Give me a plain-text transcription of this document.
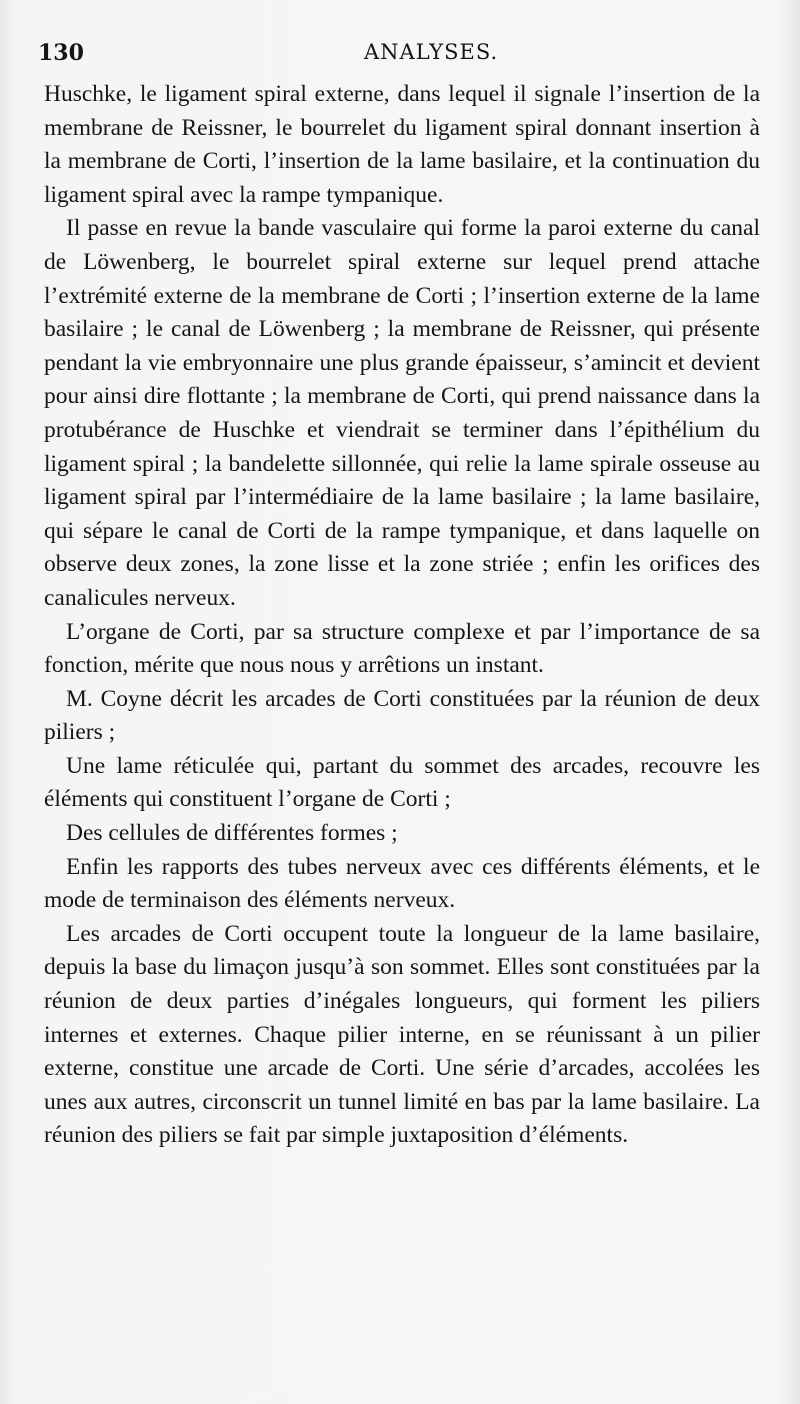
130	ANALYSES.

Huschke, le ligament spiral externe, dans lequel il signale l’insertion de la membrane de Reissner, le bourrelet du ligament spiral donnant insertion à la membrane de Corti, l’insertion de la lame basilaire, et la continuation du ligament spiral avec la rampe tympanique.

Il passe en revue la bande vasculaire qui forme la paroi externe du canal de Löwenberg, le bourrelet spiral externe sur lequel prend attache l’extrémité externe de la membrane de Corti ; l’insertion externe de la lame basilaire ; le canal de Löwenberg ; la membrane de Reissner, qui présente pendant la vie embryonnaire une plus grande épaisseur, s’amincit et devient pour ainsi dire flottante ; la membrane de Corti, qui prend naissance dans la protubérance de Huschke et viendrait se terminer dans l’épithélium du ligament spiral ; la bandelette sillonnée, qui relie la lame spirale osseuse au ligament spiral par l’intermédiaire de la lame basilaire ; la lame basilaire, qui sépare le canal de Corti de la rampe tympanique, et dans laquelle on observe deux zones, la zone lisse et la zone striée ; enfin les orifices des canalicules nerveux.

L’organe de Corti, par sa structure complexe et par l’importance de sa fonction, mérite que nous nous y arrêtions un instant.

M. Coyne décrit les arcades de Corti constituées par la réunion de deux piliers ;

Une lame réticulée qui, partant du sommet des arcades, recouvre les éléments qui constituent l’organe de Corti ;

Des cellules de différentes formes ;

Enfin les rapports des tubes nerveux avec ces différents éléments, et le mode de terminaison des éléments nerveux.

Les arcades de Corti occupent toute la longueur de la lame basilaire, depuis la base du limaçon jusqu’à son sommet. Elles sont constituées par la réunion de deux parties d’inégales longueurs, qui forment les piliers internes et externes. Chaque pilier interne, en se réunissant à un pilier externe, constitue une arcade de Corti. Une série d’arcades, accolées les unes aux autres, circonscrit un tunnel limité en bas par la lame basilaire. La réunion des piliers se fait par simple juxtaposition d’éléments.
